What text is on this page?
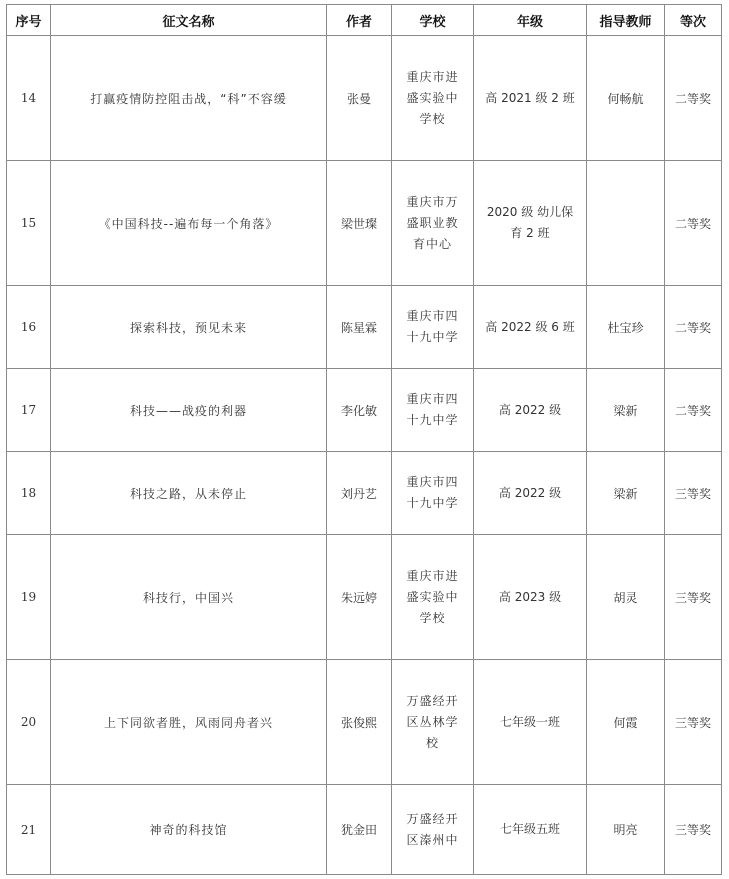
序号	征文名称	作者	学校	年级	指导教师	等次
14	打赢疫情防控阻击战，“科”不容缓	张曼	重庆市进
盛实验中
学校	高 2021 级 2 班	何畅航	二等奖
15	《中国科技--遍布每一个角落》	梁世璨	重庆市万
盛职业教
育中心	2020 级 幼儿保
育 2 班		二等奖
16	探索科技，预见未来	陈星霖	重庆市四
十九中学	高 2022 级 6 班	杜宝珍	二等奖
17	科技——战疫的利器	李化敏	重庆市四
十九中学	高 2022 级	梁新	二等奖
18	科技之路，从未停止	刘丹艺	重庆市四
十九中学	高 2022 级	梁新	三等奖
19	科技行，中国兴	朱远婷	重庆市进
盛实验中
学校	高 2023 级	胡灵	三等奖
20	上下同欲者胜，风雨同舟者兴	张俊熙	万盛经开
区丛林学
校	七年级一班	何霞	三等奖
21	神奇的科技馆	犹金田	万盛经开
区溱州中	七年级五班	明亮	三等奖
